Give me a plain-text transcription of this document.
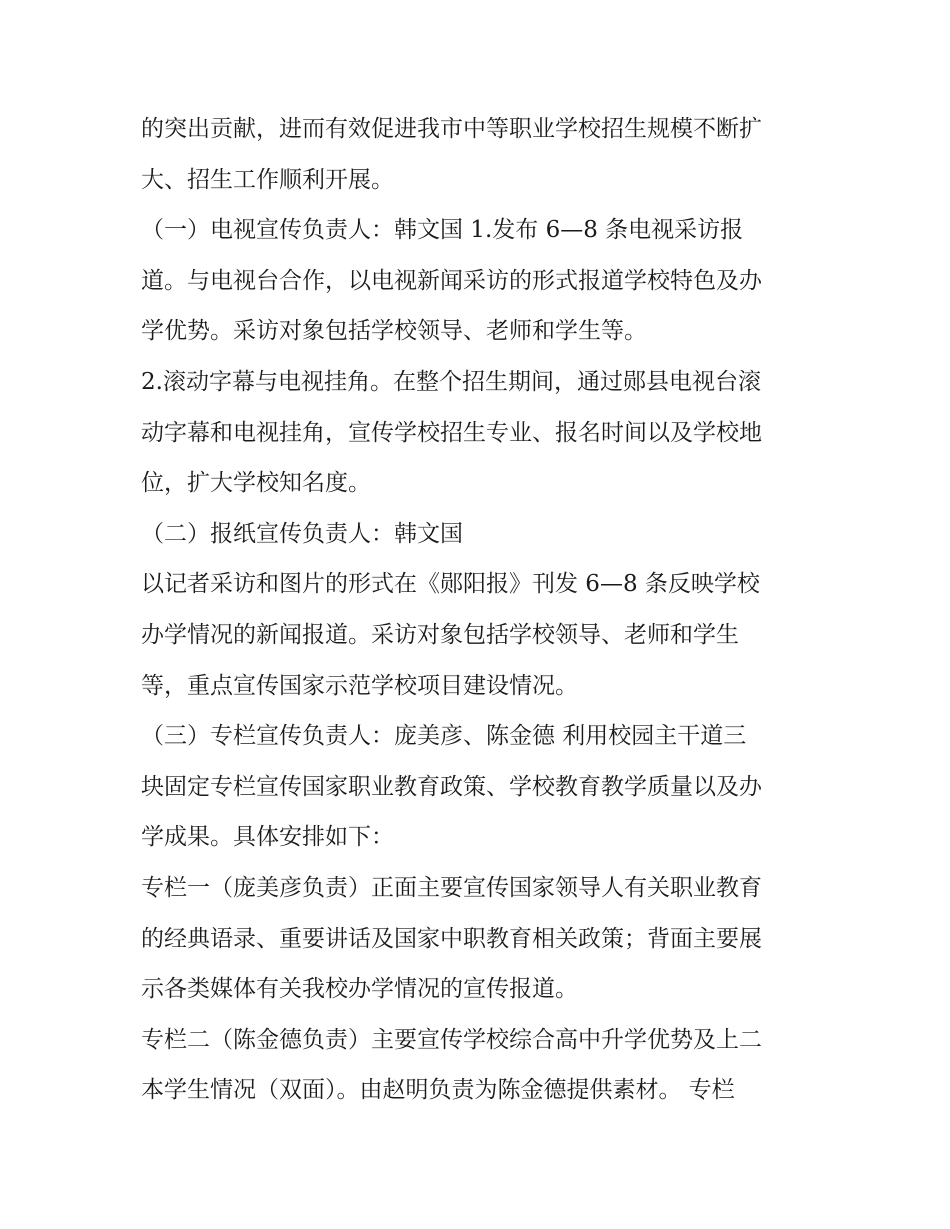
的突出贡献，进而有效促进我市中等职业学校招生规模不断扩
大、招生工作顺利开展。
（一）电视宣传负责人：韩文国 1.发布 6—8 条电视采访报
道。与电视台合作，以电视新闻采访的形式报道学校特色及办
学优势。采访对象包括学校领导、老师和学生等。
2.滚动字幕与电视挂角。在整个招生期间，通过郧县电视台滚
动字幕和电视挂角，宣传学校招生专业、报名时间以及学校地
位，扩大学校知名度。
（二）报纸宣传负责人：韩文国
以记者采访和图片的形式在《郧阳报》刊发 6—8 条反映学校
办学情况的新闻报道。采访对象包括学校领导、老师和学生
等，重点宣传国家示范学校项目建设情况。
（三）专栏宣传负责人：庞美彦、陈金德 利用校园主干道三
块固定专栏宣传国家职业教育政策、学校教育教学质量以及办
学成果。具体安排如下：
专栏一（庞美彦负责）正面主要宣传国家领导人有关职业教育
的经典语录、重要讲话及国家中职教育相关政策；背面主要展
示各类媒体有关我校办学情况的宣传报道。
专栏二（陈金德负责）主要宣传学校综合高中升学优势及上二
本学生情况（双面）。由赵明负责为陈金德提供素材。 专栏
